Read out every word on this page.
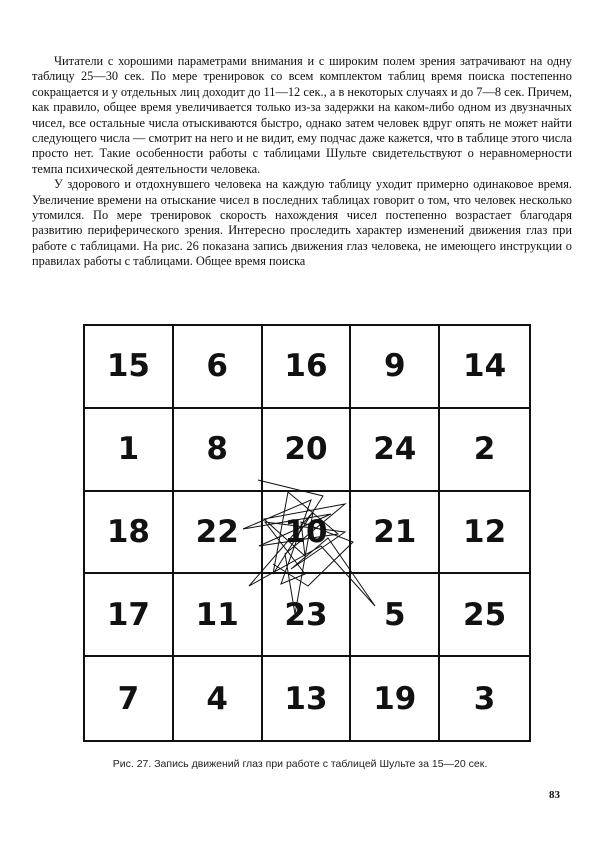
Читатели с хорошими параметрами внимания и с широким полем зрения затрачивают на одну таблицу 25—30 сек. По мере тренировок со всем комплектом таблиц время поиска постепенно сокращается и у отдельных лиц доходит до 11—12 сек., а в некоторых случаях и до 7—8 сек. Причем, как правило, общее время увеличивается только из-за задержки на каком-либо одном из двузначных чисел, все остальные числа отыскиваются быстро, однако затем человек вдруг опять не может найти следующего числа — смотрит на него и не видит, ему подчас даже кажется, что в таблице этого числа просто нет. Такие особенности работы с таблицами Шульте свидетельствуют о неравномерности темпа психической деятельности человека.

У здорового и отдохнувшего человека на каждую таблицу уходит примерно одинаковое время. Увеличение времени на отыскание чисел в последних таблицах говорит о том, что человек несколько утомился. По мере тренировок скорость нахождения чисел постепенно возрастает благодаря развитию периферического зрения. Интересно проследить характер изменений движения глаз при работе с таблицами. На рис. 26 показана запись движения глаз человека, не имеющего инструкции о правилах работы с таблицами. Общее время поиска

15	6	16	9	14
1	8	20	24	2
18	22	10	21	12
17	11	23	5	25
7	4	13	19	3
Рис. 27. Запись движений глаз при работе с таблицей Шульте за 15—20 сек.
83
